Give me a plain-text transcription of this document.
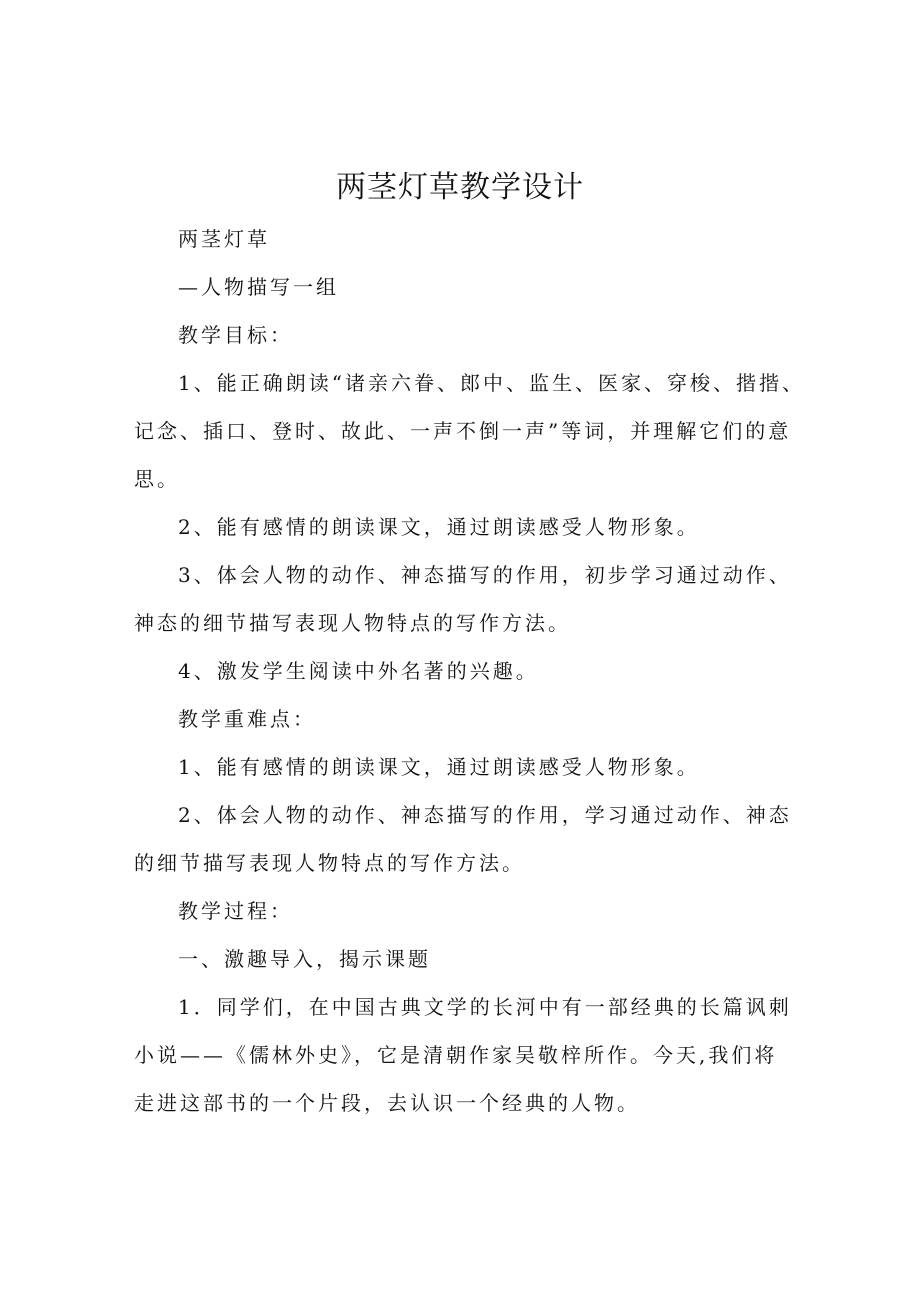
两茎灯草教学设计
两茎灯草
—人物描写一组
教学目标：
1、能正确朗读“诸亲六眷、郎中、监生、医家、穿梭、揩揩、
记念、插口、登时、故此、一声不倒一声”等词，并理解它们的意
思。
2、能有感情的朗读课文，通过朗读感受人物形象。
3、体会人物的动作、神态描写的作用，初步学习通过动作、
神态的细节描写表现人物特点的写作方法。
4、激发学生阅读中外名著的兴趣。
教学重难点：
1、能有感情的朗读课文，通过朗读感受人物形象。
2、体会人物的动作、神态描写的作用，学习通过动作、神态
的细节描写表现人物特点的写作方法。
教学过程：
一、激趣导入，揭示课题
1．同学们，在中国古典文学的长河中有一部经典的长篇讽刺
小说——《儒林外史》，它是清朝作家吴敬梓所作。今天,我们将
走进这部书的一个片段，去认识一个经典的人物。
